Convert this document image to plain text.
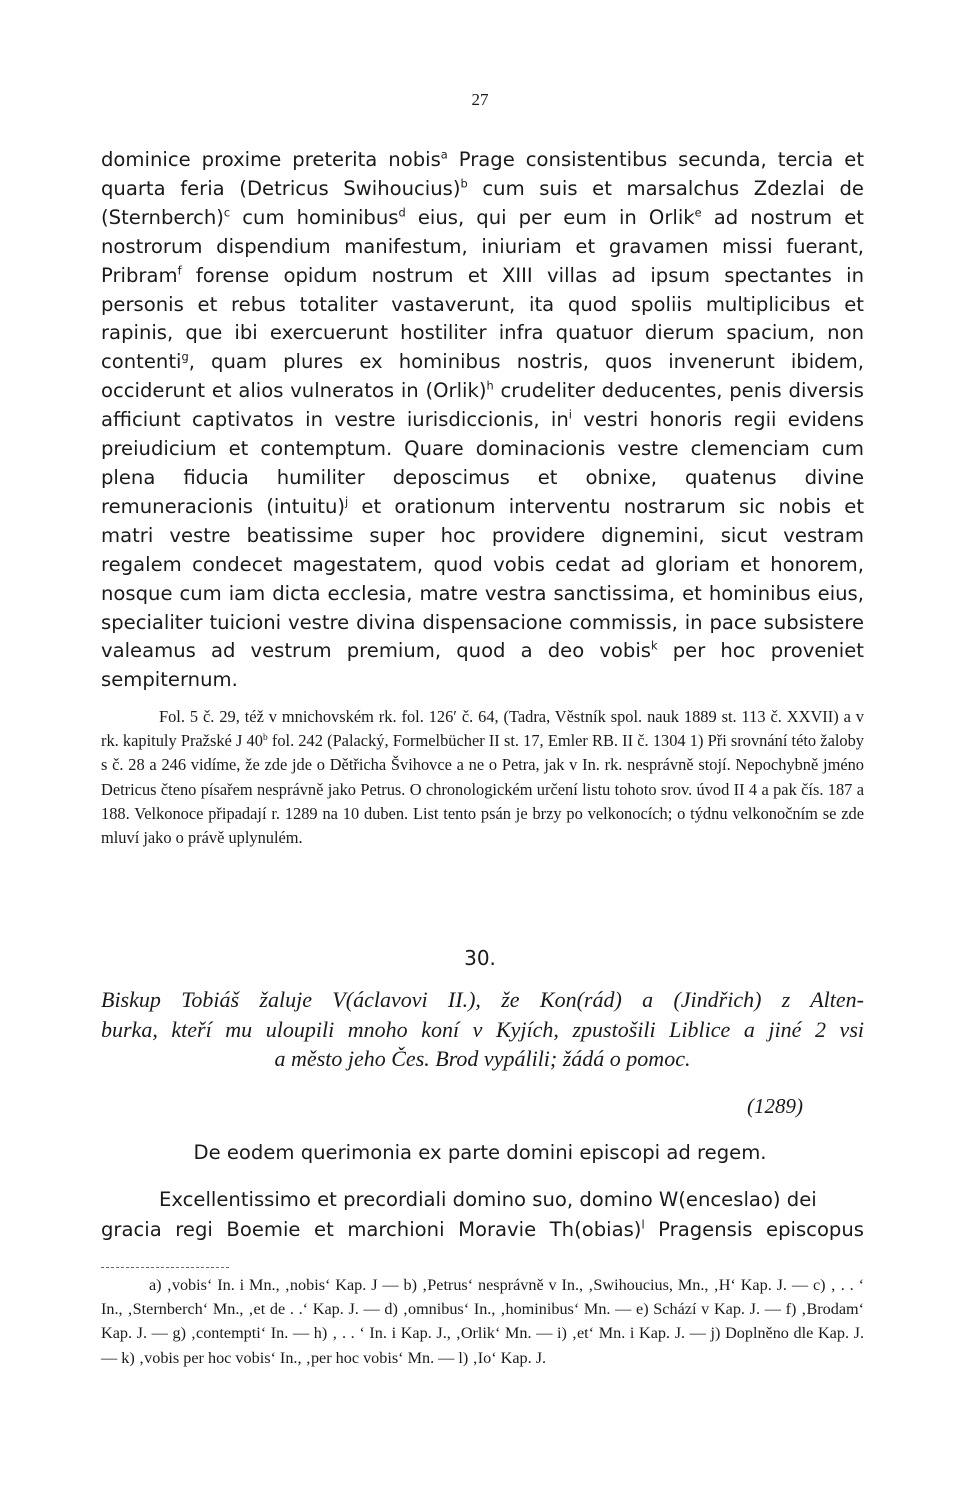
27

dominice proxime preterita nobis$^a$ Prage consistentibus secunda, tercia et quarta feria (Detricus Swihoucius)$^b$ cum suis et marsalchus Zdezlai de (Sternberch)$^c$ cum hominibus$^d$ eius, qui per eum in Orlik$^e$ ad nostrum et nostrorum dispendium manifestum, iniuriam et gravamen missi fuerant, Pribram$^f$ forense opidum nostrum et XIII villas ad ipsum spectantes in personis et rebus totaliter vastaverunt, ita quod spoliis multiplicibus et rapinis, que ibi exercuerunt hostiliter infra quatuor dierum spacium, non contenti$^g$, quam plures ex hominibus nostris, quos invenerunt ibidem, occiderunt et alios vulneratos in (Orlik)$^h$ crudeliter deducentes, penis diversis afficiunt captivatos in vestre iurisdiccionis, $in^i$ vestri honoris regii evidens preiudicium et contemptum. Quare dominacionis vestre clemenciam cum plena fiducia humiliter deposcimus et obnixe, quatenus divine remuneracionis (intuitu)$^j$ et orationum interventu nostrarum sic nobis et matri vestre beatissime super hoc providere dignemini, sicut vestram regalem condecet magestatem, quod vobis cedat ad gloriam et honorem, nosque cum iam dicta ecclesia, matre vestra sanctissima, et hominibus eius, specialiter tuicioni vestre divina dispensacione commissis, in pace subsistere valeamus ad vestrum premium, quod a deo vobis$^k$ per hoc proveniet sempiternum.

Fol. 5 č. 29, též v mnichovském rk. fol. 126′ č. 64, (Tadra, Věstník spol. nauk 1889 st. 113 č. XXVII) a v rk. kapituly Pražské J 40$^b$ fol. 242 (Palacký, Formelbücher II st. 17, Emler RB. II č. 1304 1) Při srovnání této žaloby s č. 28 a 246 vidíme, že zde jde o Dětřicha Švihovce a ne o Petra, jak v In. rk. nesprávně stojí. Nepochybně jméno Detricus čteno písařem nesprávně jako Petrus. O chronologickém určení listu tohoto srov. úvod II 4 a pak čís. 187 a 188. Velkonoce připadají r. 1289 na 10 duben. List tento psán je brzy po velkonocích; o týdnu velkonočním se zde mluví jako o právě uplynulém.

30.
Biskup Tobiáš žaluje V(áclavovi II.), že Kon(rád) a (Jindřich) z Alten-
burka, kteří mu uloupili mnoho koní v Kyjích, zpustošili Liblice a jiné 2 vsi
a město jeho Čes. Brod vypálili; žádá o pomoc.
(1289)
De eodem querimonia ex parte domini episcopi ad regem.
Excellentissimo et precordiali domino suo, domino W(enceslao) dei
gracia regi Boemie et marchioni Moravie Th(obias)$^l$ Pragensis episcopus

a) ‚vobis‘ In. i Mn., ‚nobis‘ Kap. J — b) ‚Petrus‘ nesprávně v In., ‚Swihoucius, Mn., ‚H‘ Kap. J. — c) ‚ . . ‘ In., ‚Sternberch‘ Mn., ‚et de . .‘ Kap. J. — d) ‚omnibus‘ In., ‚hominibus‘ Mn. — e) Schází v Kap. J. — f) ‚Brodam‘ Kap. J. — g) ‚contempti‘ In. — h) ‚ . . ‘ In. i Kap. J., ‚Orlik‘ Mn. — i) ‚et‘ Mn. i Kap. J. — j) Doplněno dle Kap. J. — k) ‚vobis per hoc vobis‘ In., ‚per hoc vobis‘ Mn. — l) ‚Io‘ Kap. J.
